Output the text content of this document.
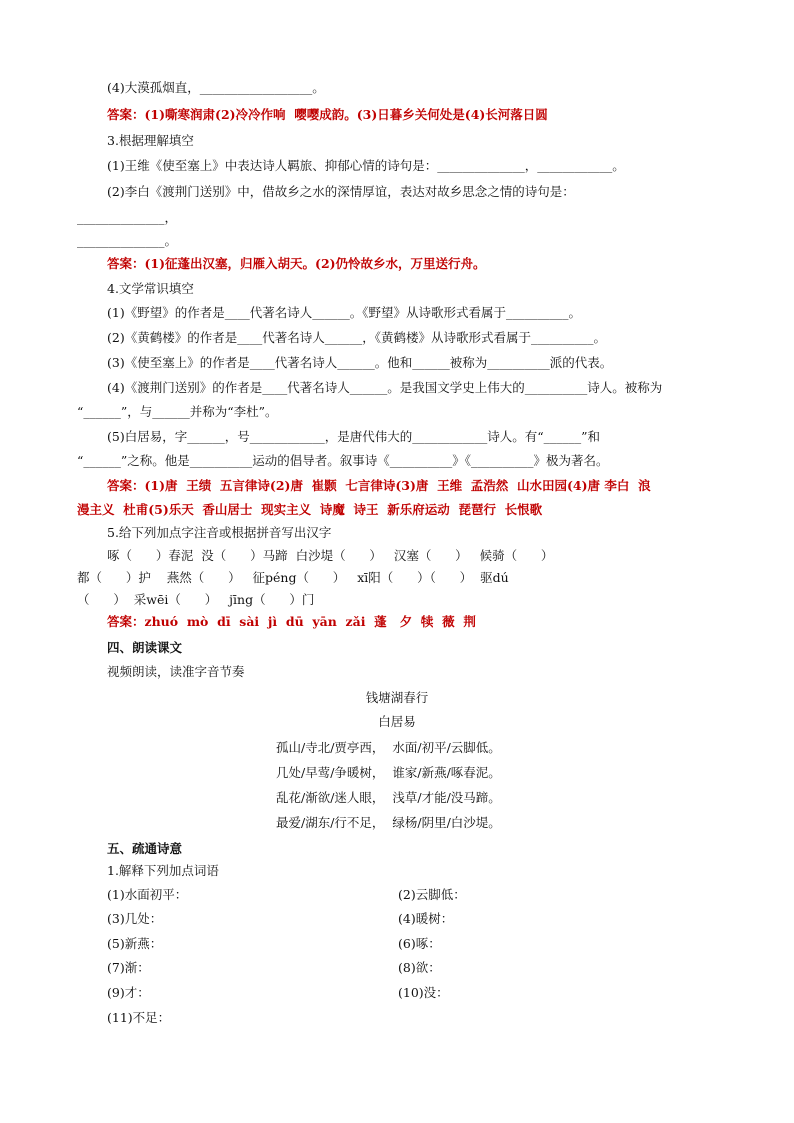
(4)大漠孤烟直，__________________。
答案：(1)嘶寒润肃(2)冷冷作响  嘤嘤成韵。(3)日暮乡关何处是(4)长河落日圆
3.根据理解填空
(1)王维《使至塞上》中表达诗人羁旅、抑郁心情的诗句是：______________，____________。
(2)李白《渡荆门送别》中，借故乡之水的深情厚谊，表达对故乡思念之情的诗句是：
______________，
______________。
答案：(1)征蓬出汉塞，归雁入胡天。(2)仍怜故乡水，万里送行舟。
4.文学常识填空
(1)《野望》的作者是____代著名诗人______。《野望》从诗歌形式看属于__________。
(2)《黄鹤楼》的作者是____代著名诗人______，《黄鹤楼》从诗歌形式看属于__________。
(3)《使至塞上》的作者是____代著名诗人______。他和______被称为__________派的代表。
(4)《渡荆门送别》的作者是____代著名诗人______。是我国文学史上伟大的__________诗人。被称为
“______”，与______并称为“李杜”。
(5)白居易，字______，号____________，是唐代伟大的____________诗人。有“______”和
“______”之称。他是__________运动的倡导者。叙事诗《__________》《__________》极为著名。
答案：(1)唐  王绩  五言律诗(2)唐  崔颢  七言律诗(3)唐  王维  孟浩然  山水田园(4)唐 李白  浪
漫主义  杜甫(5)乐天  香山居士  现实主义  诗魔  诗王  新乐府运动  琵琶行  长恨歌
5.给下列加点字注音或根据拼音写出汉字
啄（      ）春泥  没（      ）马蹄  白沙堤（      ）   汉塞（      ）   候骑（      ）
都（      ）护    燕然（      ）   征péng（      ）   xī阳（      ）（      ）  驱dú
（      ）  采wēi（      ）   jīng（      ）门
答案：zhuó  mò  dī  sài  jì  dū  yān  zǎi  蓬   夕  犊  薇  荆
四、朗读课文
视频朗读，读准字音节奏
钱塘湖春行
白居易
孤山/寺北/贾亭西，  水面/初平/云脚低。
几处/早莺/争暖树，  谁家/新燕/啄春泥。
乱花/渐欲/迷人眼，  浅草/才能/没马蹄。
最爱/湖东/行不足，  绿杨/阴里/白沙堤。
五、疏通诗意
1.解释下列加点词语
(1)水面初平：	(2)云脚低：
(3)几处：	(4)暖树：
(5)新燕：	(6)啄：
(7)渐：	(8)欲：
(9)才：	(10)没：
(11)不足：
